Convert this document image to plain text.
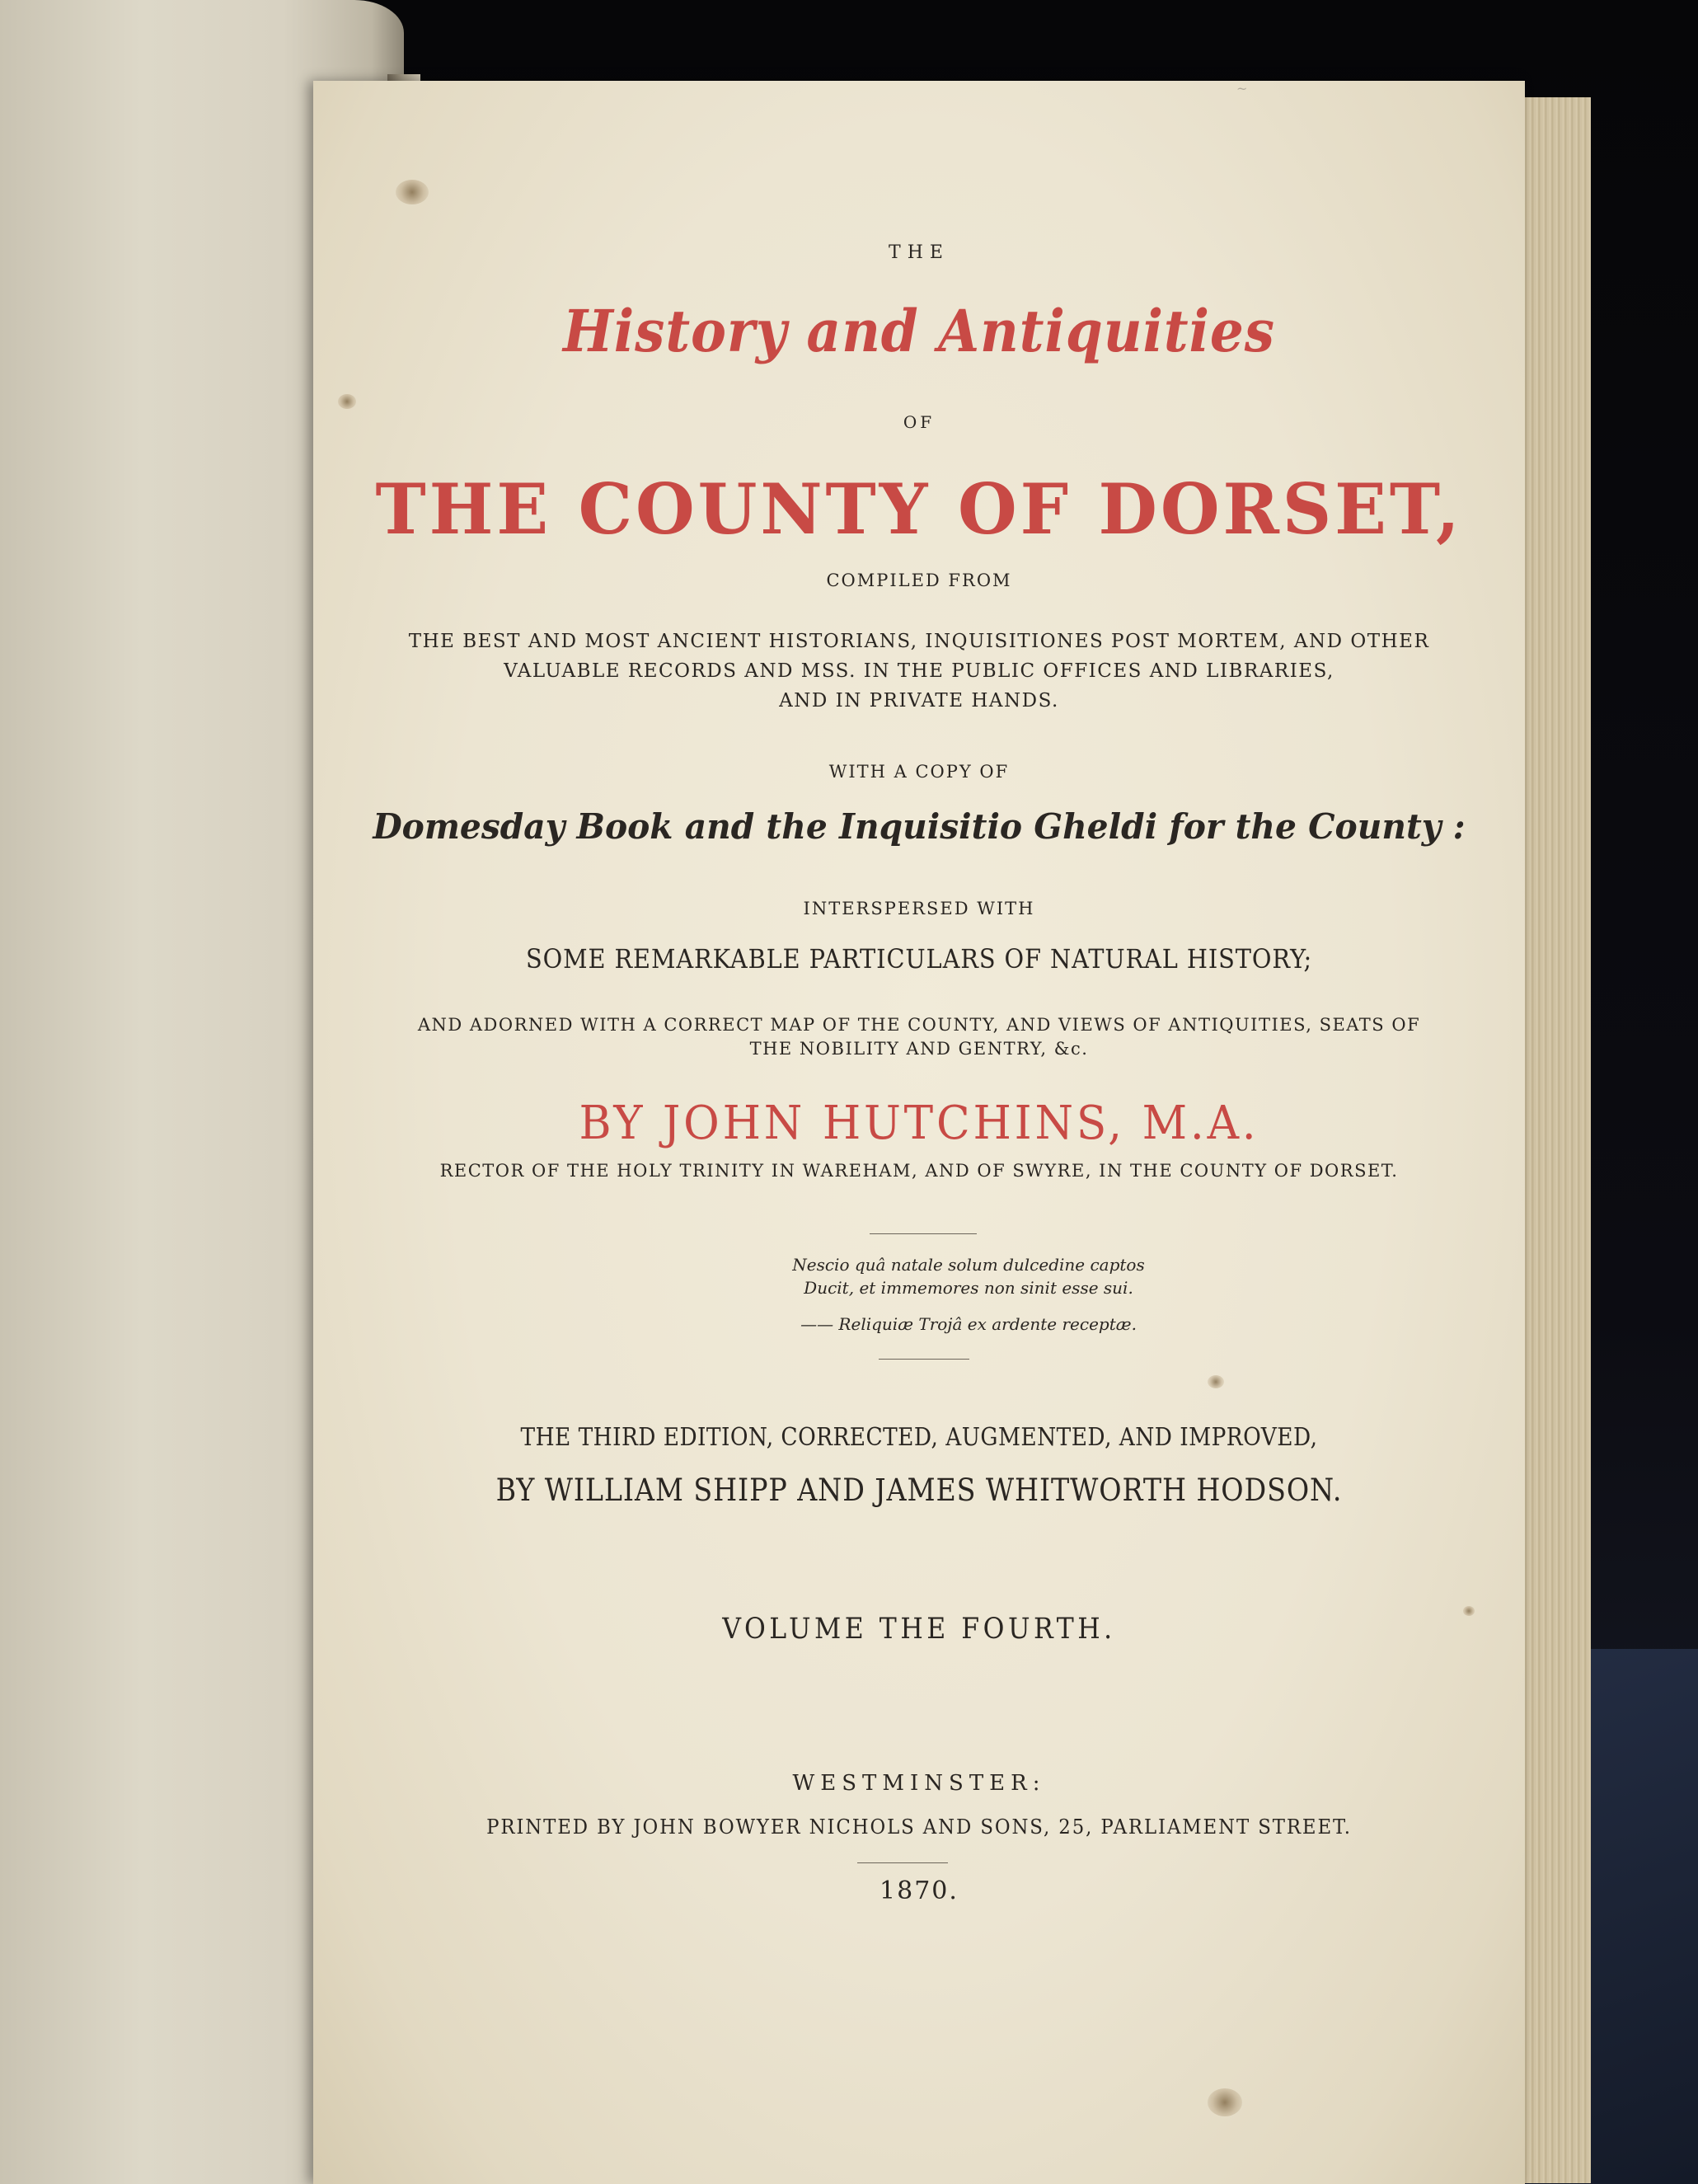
~
THE
History and Antiquities
OF
THE COUNTY OF DORSET,
COMPILED FROM
THE BEST AND MOST ANCIENT HISTORIANS, INQUISITIONES POST MORTEM, AND OTHER
VALUABLE RECORDS AND MSS. IN THE PUBLIC OFFICES AND LIBRARIES,
AND IN PRIVATE HANDS.
WITH A COPY OF
Domesday Book and the Inquisitio Gheldi for the County :
INTERSPERSED WITH
SOME REMARKABLE PARTICULARS OF NATURAL HISTORY;
AND ADORNED WITH A CORRECT MAP OF THE COUNTY, AND VIEWS OF ANTIQUITIES, SEATS OF
THE NOBILITY AND GENTRY, &c.
BY JOHN HUTCHINS, M.A.
RECTOR OF THE HOLY TRINITY IN WAREHAM, AND OF SWYRE, IN THE COUNTY OF DORSET.
Nescio quâ natale solum dulcedine captos
Ducit, et immemores non sinit esse sui.
—— Reliquiæ Trojâ ex ardente receptæ.
THE THIRD EDITION, CORRECTED, AUGMENTED, AND IMPROVED,
BY WILLIAM SHIPP AND JAMES WHITWORTH HODSON.
VOLUME THE FOURTH.
WESTMINSTER:
PRINTED BY JOHN BOWYER NICHOLS AND SONS, 25, PARLIAMENT STREET.
1870.
